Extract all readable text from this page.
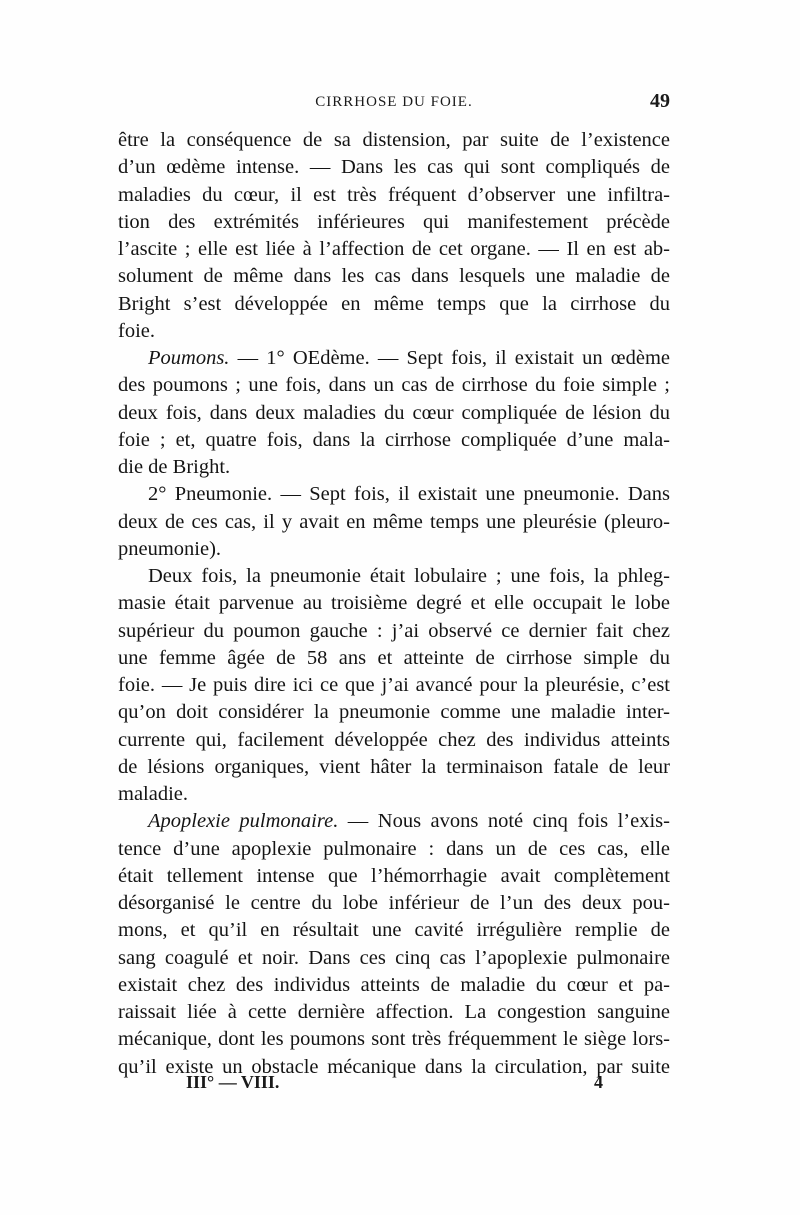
CIRRHOSE DU FOIE.	49
être la conséquence de sa distension, par suite de l’existence
d’un œdème intense. — Dans les cas qui sont compliqués de
maladies du cœur, il est très fréquent d’observer une infiltra-
tion des extrémités inférieures qui manifestement précède
l’ascite ; elle est liée à l’affection de cet organe. — Il en est ab-
solument de même dans les cas dans lesquels une maladie de
Bright s’est développée en même temps que la cirrhose du
foie.
Poumons. — 1° OEdème. — Sept fois, il existait un œdème
des poumons ; une fois, dans un cas de cirrhose du foie simple ;
deux fois, dans deux maladies du cœur compliquée de lésion du
foie ; et, quatre fois, dans la cirrhose compliquée d’une mala-
die de Bright.
2° Pneumonie. — Sept fois, il existait une pneumonie. Dans
deux de ces cas, il y avait en même temps une pleurésie (pleuro-
pneumonie).
Deux fois, la pneumonie était lobulaire ; une fois, la phleg-
masie était parvenue au troisième degré et elle occupait le lobe
supérieur du poumon gauche : j’ai observé ce dernier fait chez
une femme âgée de 58 ans et atteinte de cirrhose simple du
foie. — Je puis dire ici ce que j’ai avancé pour la pleurésie, c’est
qu’on doit considérer la pneumonie comme une maladie inter-
currente qui, facilement développée chez des individus atteints
de lésions organiques, vient hâter la terminaison fatale de leur
maladie.
Apoplexie pulmonaire. — Nous avons noté cinq fois l’exis-
tence d’une apoplexie pulmonaire : dans un de ces cas, elle
était tellement intense que l’hémorrhagie avait complètement
désorganisé le centre du lobe inférieur de l’un des deux pou-
mons, et qu’il en résultait une cavité irrégulière remplie de
sang coagulé et noir. Dans ces cinq cas l’apoplexie pulmonaire
existait chez des individus atteints de maladie du cœur et pa-
raissait liée à cette dernière affection. La congestion sanguine
mécanique, dont les poumons sont très fréquemment le siège lors-
qu’il existe un obstacle mécanique dans la circulation, par suite
III° — VIII.	4
